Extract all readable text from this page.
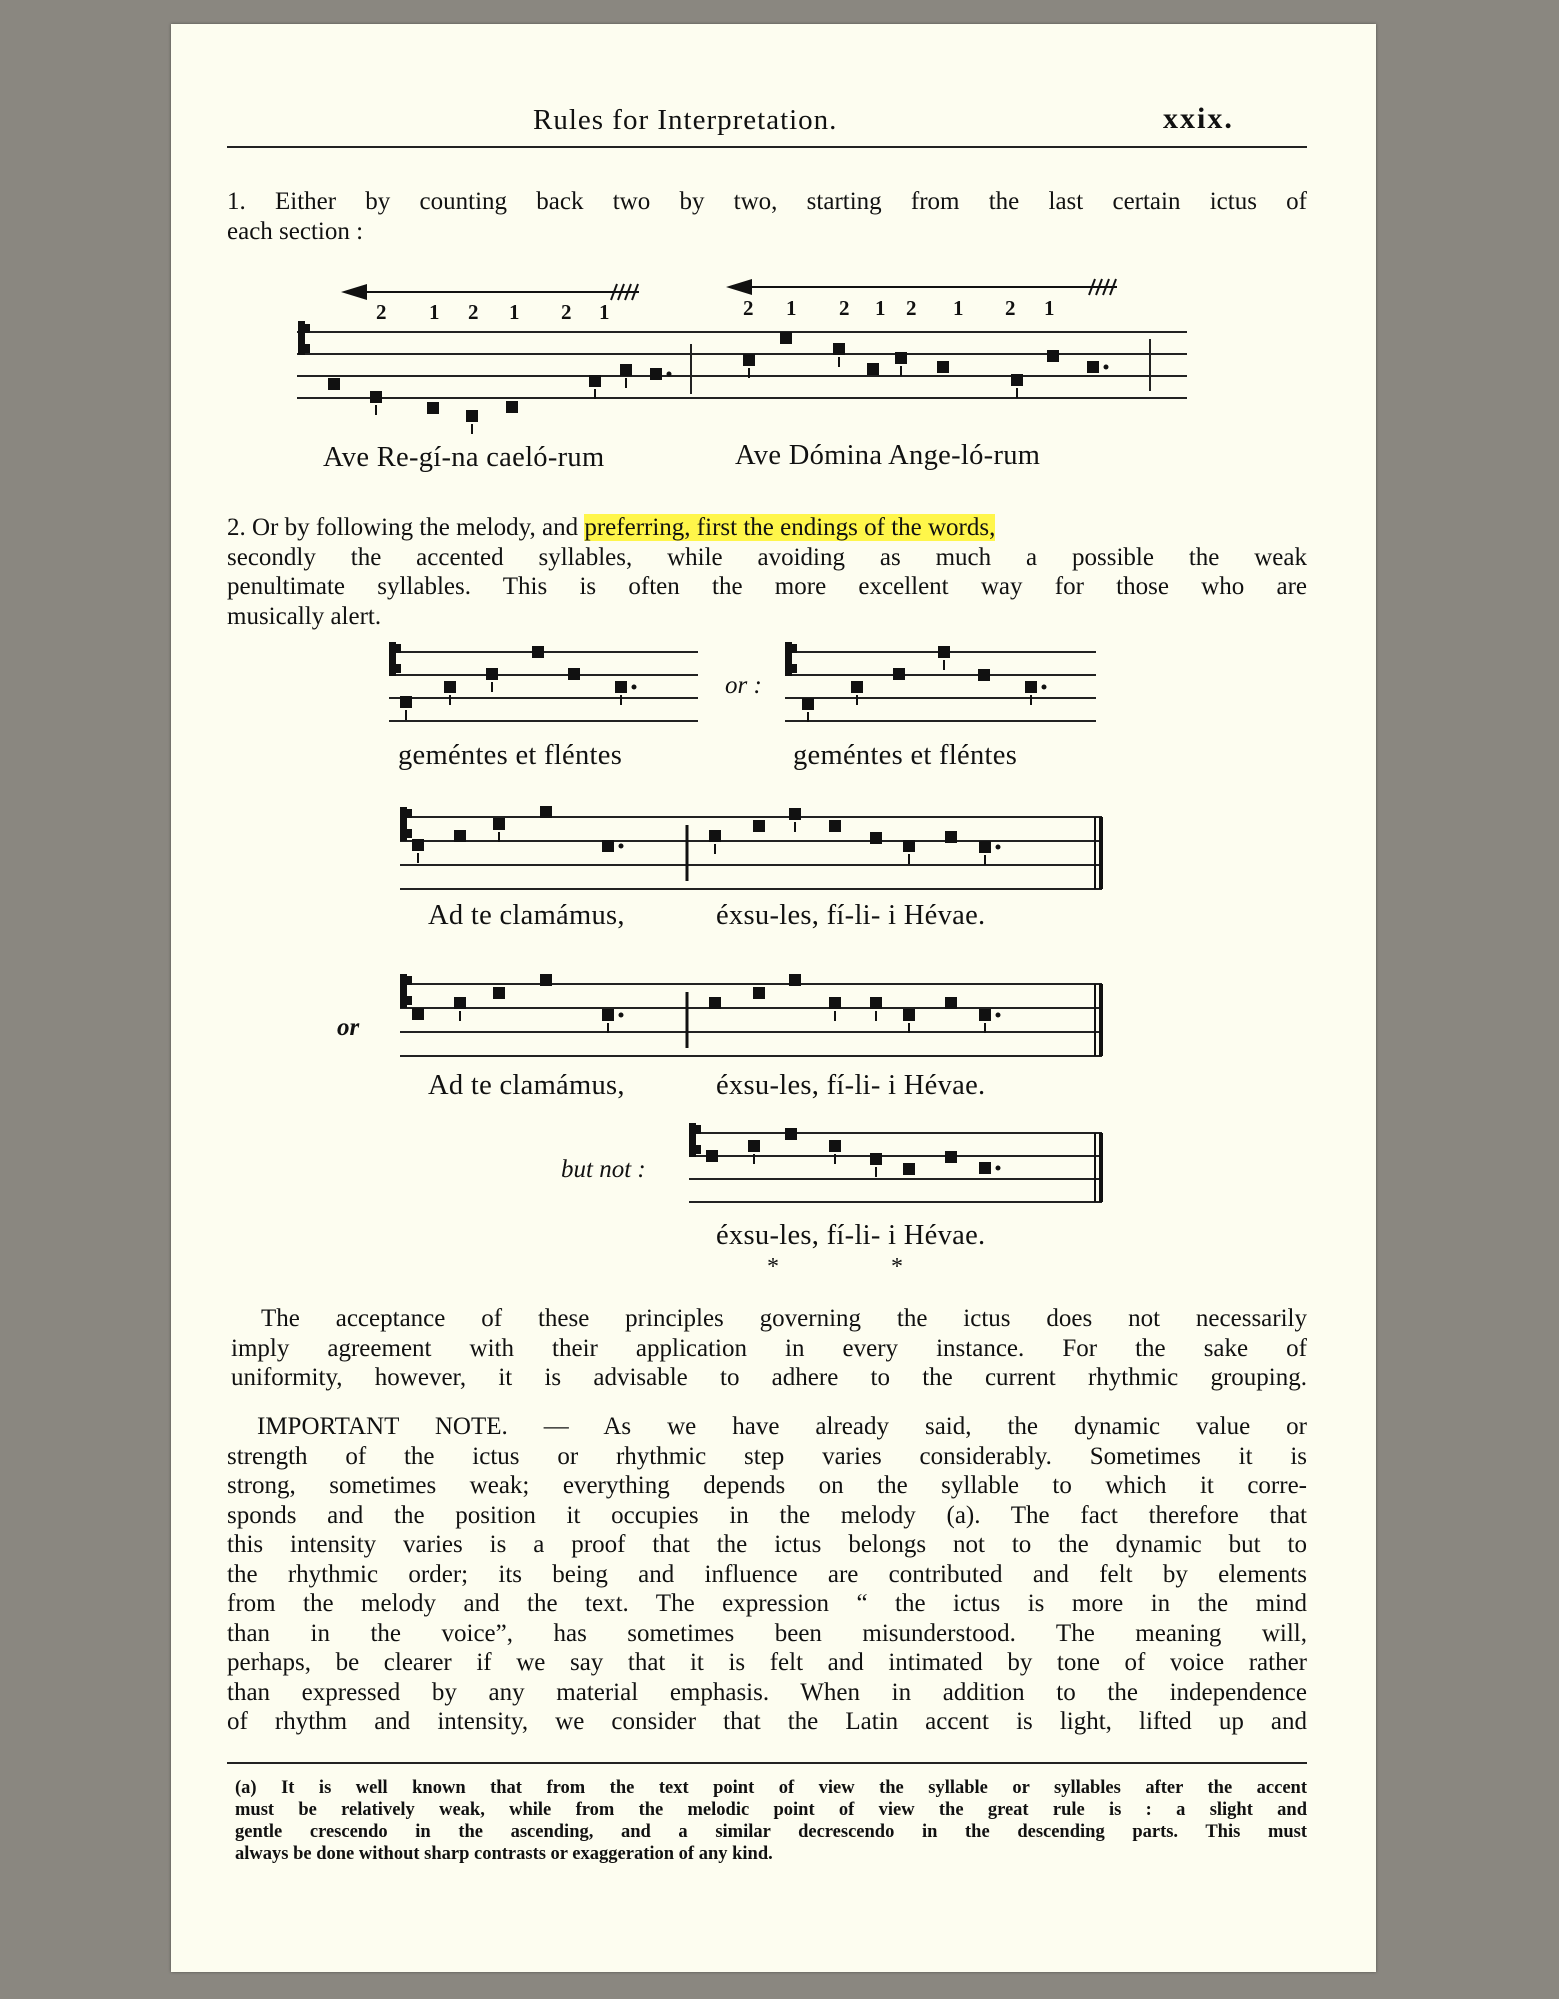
Rules for Interpretation.	xxix.
1. Either by counting back two by two, starting from the last certain ictus of
each section :
2 1 2 1 2 1	2 1 2 1 2 1 2 1
Ave Re-gí-na caeló-rum	Ave Dómina Ange-ló-rum
2. Or by following the melody, and preferring, first the endings of the words,
secondly the accented syllables, while avoiding as much a possible the weak
penultimate syllables. This is often the more excellent way for those who are
musically alert.
or :
geméntes et fléntes	geméntes et fléntes
Ad te clamámus,	éxsu-les, fí-li- i Hévae.
or
Ad te clamámus,	éxsu-les, fí-li- i Hévae.
but not :
éxsu-les, fí-li- i Hévae.
*	*
The acceptance of these principles governing the ictus does not necessarily
imply agreement with their application in every instance. For the sake of
uniformity, however, it is advisable to adhere to the current rhythmic grouping.
IMPORTANT NOTE. — As we have already said, the dynamic value or
strength of the ictus or rhythmic step varies considerably. Sometimes it is
strong, sometimes weak; everything depends on the syllable to which it corre-
sponds and the position it occupies in the melody (a). The fact therefore that
this intensity varies is a proof that the ictus belongs not to the dynamic but to
the rhythmic order; its being and influence are contributed and felt by elements
from the melody and the text. The expression “ the ictus is more in the mind
than in the voice”, has sometimes been misunderstood. The meaning will,
perhaps, be clearer if we say that it is felt and intimated by tone of voice rather
than expressed by any material emphasis. When in addition to the independence
of rhythm and intensity, we consider that the Latin accent is light, lifted up and
(a) It is well known that from the text point of view the syllable or syllables after the accent
must be relatively weak, while from the melodic point of view the great rule is : a slight and
gentle crescendo in the ascending, and a similar decrescendo in the descending parts. This must
always be done without sharp contrasts or exaggeration of any kind.
